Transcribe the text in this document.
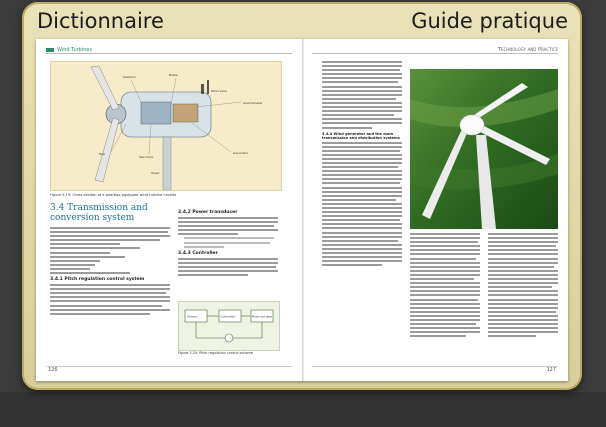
Dictionnaire	Guide pratique
Wind Turbines
Gearbox	Brake
Generator
Yaw drive
Anemometer
Hub
Wind vane
Tower
Figure 3.19: Cross-section of a gearbox-equipped wind turbine nacelle
3.4 Transmission and conversion system
3.4.1 Pitch regulation control system
3.4.2 Power transducer
3.4.3 Controller
Sensor	Controller	Motor and gear
Figure 3.20: Pitch regulation control scheme
126
Technology and Practice
3.4.4 Wind generator and the main transmission and distribution systems
127
